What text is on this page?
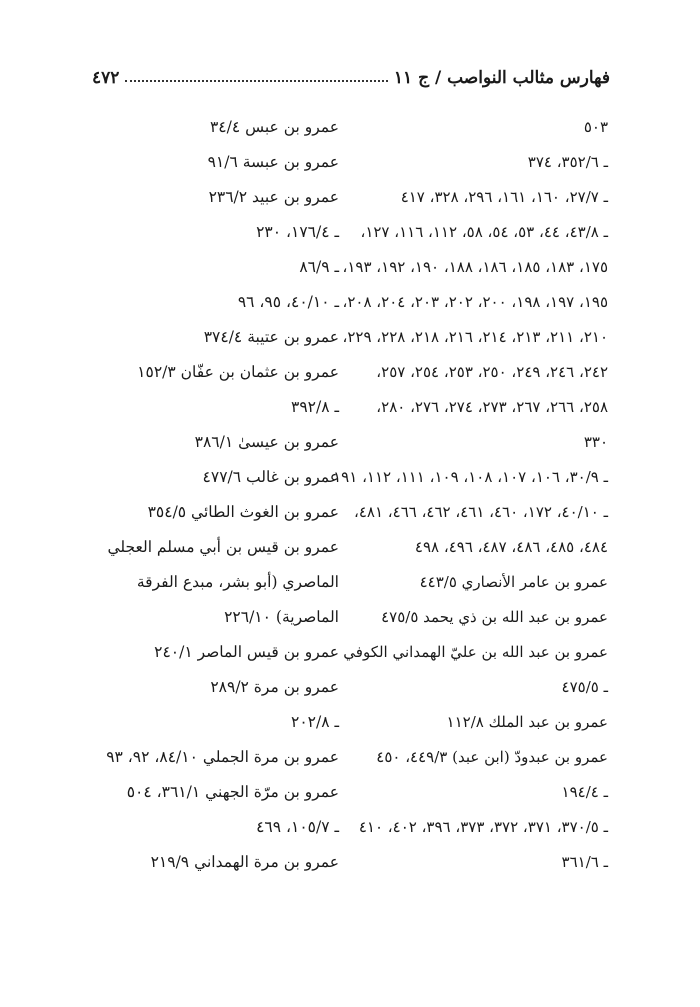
فهارس مثالب النواصب / ج ١١
٤٧٢
٥٠٣
ـ ٣٥٢/٦، ٣٧٤
ـ ٢٧/٧، ١٦٠، ١٦١، ٢٩٦، ٣٢٨، ٤١٧
ـ ٤٣/٨، ٤٤، ٥٣، ٥٤، ٥٨، ١١٢، ١١٦، ١٢٧،
١٧٥، ١٨٣، ١٨٥، ١٨٦، ١٨٨، ١٩٠، ١٩٢، ١٩٣،
١٩٥، ١٩٧، ١٩٨، ٢٠٠، ٢٠٢، ٢٠٣، ٢٠٤، ٢٠٨،
٢١٠، ٢١١، ٢١٣، ٢١٤، ٢١٦، ٢١٨، ٢٢٨، ٢٢٩،
٢٤٢، ٢٤٦، ٢٤٩، ٢٥٠، ٢٥٣، ٢٥٤، ٢٥٧،
٢٥٨، ٢٦٦، ٢٦٧، ٢٧٣، ٢٧٤، ٢٧٦، ٢٨٠،
٣٣٠
ـ ٣٠/٩، ١٠٦، ١٠٧، ١٠٨، ١٠٩، ١١١، ١١٢، ١٩١
ـ ٤٠/١٠، ١٧٢، ٤٦٠، ٤٦١، ٤٦٢، ٤٦٦، ٤٨١،
٤٨٤، ٤٨٥، ٤٨٦، ٤٨٧، ٤٩٦، ٤٩٨
عمرو بن عامر الأنصاري ٤٤٣/٥
عمرو بن عبد الله بن ذي يحمد ٤٧٥/٥
عمرو بن عبد الله بن عليّ الهمداني الكوفي
ـ ٤٧٥/٥
عمرو بن عبد الملك ١١٢/٨
عمرو بن عبدودّ (ابن عبد) ٤٤٩/٣، ٤٥٠
ـ ١٩٤/٤
ـ ٣٧٠/٥، ٣٧١، ٣٧٢، ٣٧٣، ٣٩٦، ٤٠٢، ٤١٠
ـ ٣٦١/٦
عمرو بن عبس ٣٤/٤
عمرو بن عبسة ٩١/٦
عمرو بن عبيد ٢٣٦/٢
ـ ١٧٦/٤، ٢٣٠
ـ ٨٦/٩
ـ ٤٠/١٠، ٩٥، ٩٦
عمرو بن عتيبة ٣٧٤/٤
عمرو بن عثمان بن عفّان ١٥٢/٣
ـ ٣٩٢/٨
عمرو بن عيسىٰ ٣٨٦/١
عمرو بن غالب ٤٧٧/٦
عمرو بن الغوث الطائي ٣٥٤/٥
عمرو بن قيس بن أبي مسلم العجلي
الماصري (أبو بشر، مبدع الفرقة
الماصرية) ٢٢٦/١٠
عمرو بن قيس الماصر ٢٤٠/١
عمرو بن مرة ٢٨٩/٢
ـ ٢٠٢/٨
عمرو بن مرة الجملي ٨٤/١٠، ٩٢، ٩٣
عمرو بن مرّة الجهني ٣٦١/١، ٥٠٤
ـ ١٠٥/٧، ٤٦٩
عمرو بن مرة الهمداني ٢١٩/٩
